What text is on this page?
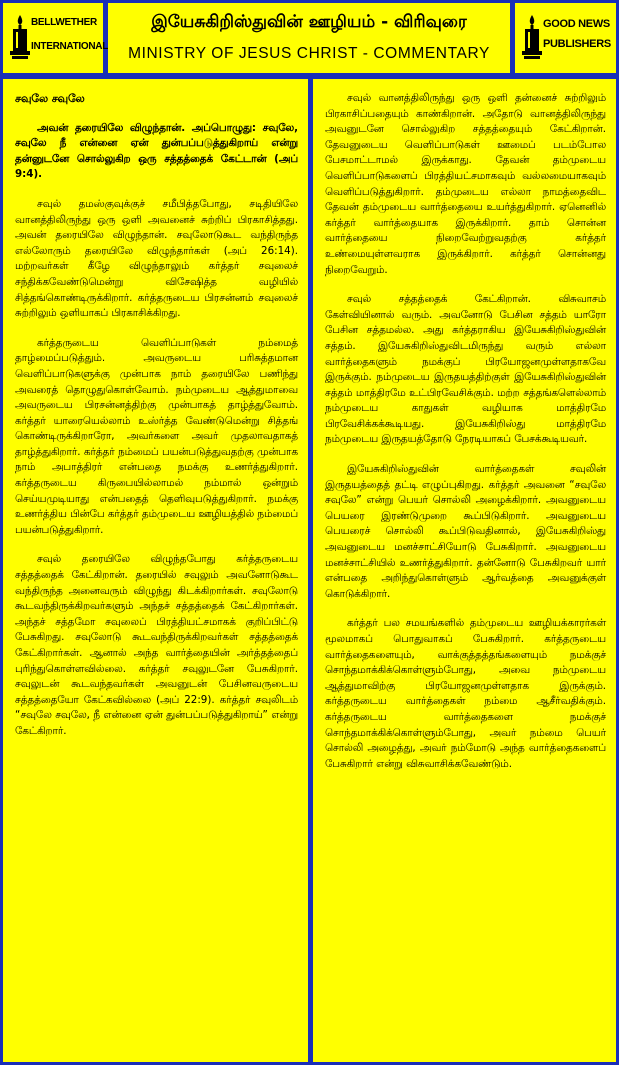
BELLWETHER
INTERNATIONAL
இயேசுகிறிஸ்துவின் ஊழியம் - விரிவுரை
MINISTRY OF JESUS CHRIST - COMMENTARY
GOOD NEWS
PUBLISHERS

சவுலே சவுலே

அவன் தரையிலே விழுந்தான். அப்பொழுது: சவுலே, சவுலே நீ என்னை ஏன் துன்பப்படுத்துகிறாய் என்று தன்னுடனே சொல்லுகிற ஒரு சத்தத்தைக் கேட்டான் (அப் 9:4).

சவுல் தமஸ்குவுக்குச் சமீபித்தபோது, சடிதியிலே வானத்திலிருந்து ஒரு ஒளி அவனைச் சுற்றிப் பிரகாசித்தது. அவன் தரையிலே விழுந்தான். சவுலோடுகூட வந்திருந்த எல்லோரும் தரையிலே விழுந்தார்கள் (அப் 26:14). மற்றவர்கள் கீழே விழுந்தாலும் கர்த்தர் சவுலைச் சந்திக்கவேண்டுமென்று விசேஷித்த வழியில் சித்தங்கொண்டிருக்கிறார். கர்த்தருடைய பிரசன்னம் சவுலைச் சுற்றிலும் ஒளியாகப் பிரகாசிக்கிறது.

கர்த்தருடைய வெளிப்பாடுகள் நம்மைத் தாழ்மைப்படுத்தும். அவருடைய பரிசுத்தமான வெளிப்பாடுகளுக்கு முன்பாக நாம் தரையிலே பணிந்து அவரைத் தொழுதுகொள்வோம். நம்முடைய ஆத்துமாவை அவருடைய பிரசன்னத்திற்கு முன்பாகத் தாழ்த்துவோம். கர்த்தர் யாரையெல்லாம் உஸ்ர்த்த வேண்டுமென்று சித்தங் கொண்டிருக்கிறாரோ, அவர்களை அவர் முதலாவதாகத் தாழ்த்துகிறார். கர்த்தர் நம்மைப் பயன்படுத்துவதற்கு முன்பாக நாம் அபாத்திரர் என்பதை நமக்கு உணர்த்துகிறார். கர்த்தருடைய கிருபையில்லாமல் நம்மால் ஒன்றும் செய்யமுடியாது என்பதைத் தெளிவுபடுத்துகிறார். நமக்கு உணர்த்திய பின்பே கர்த்தர் தம்முடைய ஊழியத்தில் நம்மைப் பயன்படுத்துகிறார்.

சவுல் தரையிலே விழுந்தபோது கர்த்தருடைய சத்தத்தைக் கேட்கிறான். தரையில் சவுலும் அவனோடுகூட வந்திருந்த அனைவரும் விழுந்து கிடக்கிறார்கள். சவுலோடு கூடவந்திருக்கிறவர்களும் அந்தச் சத்தத்தைக் கேட்கிறார்கள். அந்தச் சத்தமோ சவுலைப் பிரத்தியட்சமாகக் குறிப்பிட்டு பேசுகிறது. சவுலோடு கூடவந்திருக்கிறவர்கள் சத்தத்தைக் கேட்கிறார்கள். ஆனால் அந்த வார்த்தையின் அர்த்தத்தைப் புரிந்துகொள்ளவில்லை. கர்த்தர் சவுலுடனே பேசுகிறார். சவுலுடன் கூடவந்தவர்கள் அவனுடன் பேசினவருடைய சத்தத்தையோ கேட்கவில்லை (அப் 22:9). கர்த்தர் சவுலிடம் “சவுலே சவுலே, நீ என்னை ஏன் துன்பப்படுத்துகிறாய்” என்று கேட்கிறார்.

சவுல் வானத்திலிருந்து ஒரு ஒளி தன்னைச் சுற்றிலும் பிரகாசிப்பதையும் காண்கிறான். அதோடு வானத்திலிருந்து அவனுடனே சொல்லுகிற சத்தத்தையும் கேட்கிறான். தேவனுடைய வெளிப்பாடுகள் ஊமைப் படம்போல பேசமாட்டாமல் இருக்காது. தேவன் தம்முடைய வெளிப்பாடுகளைப் பிரத்தியட்சமாகவும் வல்லமையாகவும் வெளிப்படுத்துகிறார். தம்முடைய எல்லா நாமத்தைவிட தேவன் தம்முடைய வார்த்தையை உயர்த்துகிறார். ஏனெனில் கர்த்தர் வார்த்தையாக இருக்கிறார். தாம் சொன்ன வார்த்தையை நிறைவேற்றுவதற்கு கர்த்தர் உண்மையுள்ளவராக இருக்கிறார். கர்த்தர் சொன்னது நிறைவேறும்.

சவுல் சத்தத்தைக் கேட்கிறான். விசுவாசம் கேள்வியினால் வரும். அவனோடு பேசின சத்தம் யாரோ பேசின சத்தமல்ல. அது கர்த்தராகிய இயேசுகிறிஸ்துவின் சத்தம். இயேசுகிறிஸ்துவிடமிருந்து வரும் எல்லா வார்த்தைகளும் நமக்குப் பிரயோஜனமுள்ளதாகவே இருக்கும். நம்முடைய இருதயத்திற்குள் இயேசுகிறிஸ்துவின் சத்தம் மாத்திரமே உட்பிரவேசிக்கும். மற்ற சத்தங்களெல்லாம் நம்முடைய காதுகள் வழியாக மாத்திரமே பிரவேசிக்கக்கூடியது. இயேசுகிறிஸ்து மாத்திரமே நம்முடைய இருதயத்தோடு நேரடியாகப் பேசக்கூடியவர்.

இயேசுகிறிஸ்துவின் வார்த்தைகள் சவுலின் இருதயத்தைத் தட்டி எழுப்புகிறது. கர்த்தர் அவனை “சவுலே சவுலே” என்று பெயர் சொல்லி அழைக்கிறார். அவனுடைய பெயரை இரண்டுமுறை கூப்பிடுகிறார். அவனுடைய பெயரைச் சொல்லி கூப்பிடுவதினால், இயேசுகிறிஸ்து அவனுடைய மனச்சாட்சியோடு பேசுகிறார். அவனுடைய மனச்சாட்சியில் உணர்த்துகிறார். தன்னோடு பேசுகிறவர் யார் என்பதை அறிந்துகொள்ளும் ஆர்வத்தை அவனுக்குள் கொடுக்கிறார்.

கர்த்தர் பல சமயங்களில் தம்முடைய ஊழியக்காரர்கள் மூலமாகப் பொதுவாகப் பேசுகிறார். கர்த்தருடைய வார்த்தைகளையும், வாக்குத்தத்தங்களையும் நமக்குச் சொந்தமாக்கிக்கொள்ளும்போது, அவை நம்முடைய ஆத்துமாவிற்கு பிரயோஜனமுள்ளதாக இருக்கும். கர்த்தருடைய வார்த்தைகள் நம்மை ஆசீர்வதிக்கும். கர்த்தருடைய வார்த்தைகளை நமக்குச் சொந்தமாக்கிக்கொள்ளும்போது, அவர் நம்மை பெயர் சொல்லி அழைத்து, அவர் நம்மோடு அந்த வார்த்தைகளைப் பேசுகிறார் என்று விசுவாசிக்கவேண்டும்.
